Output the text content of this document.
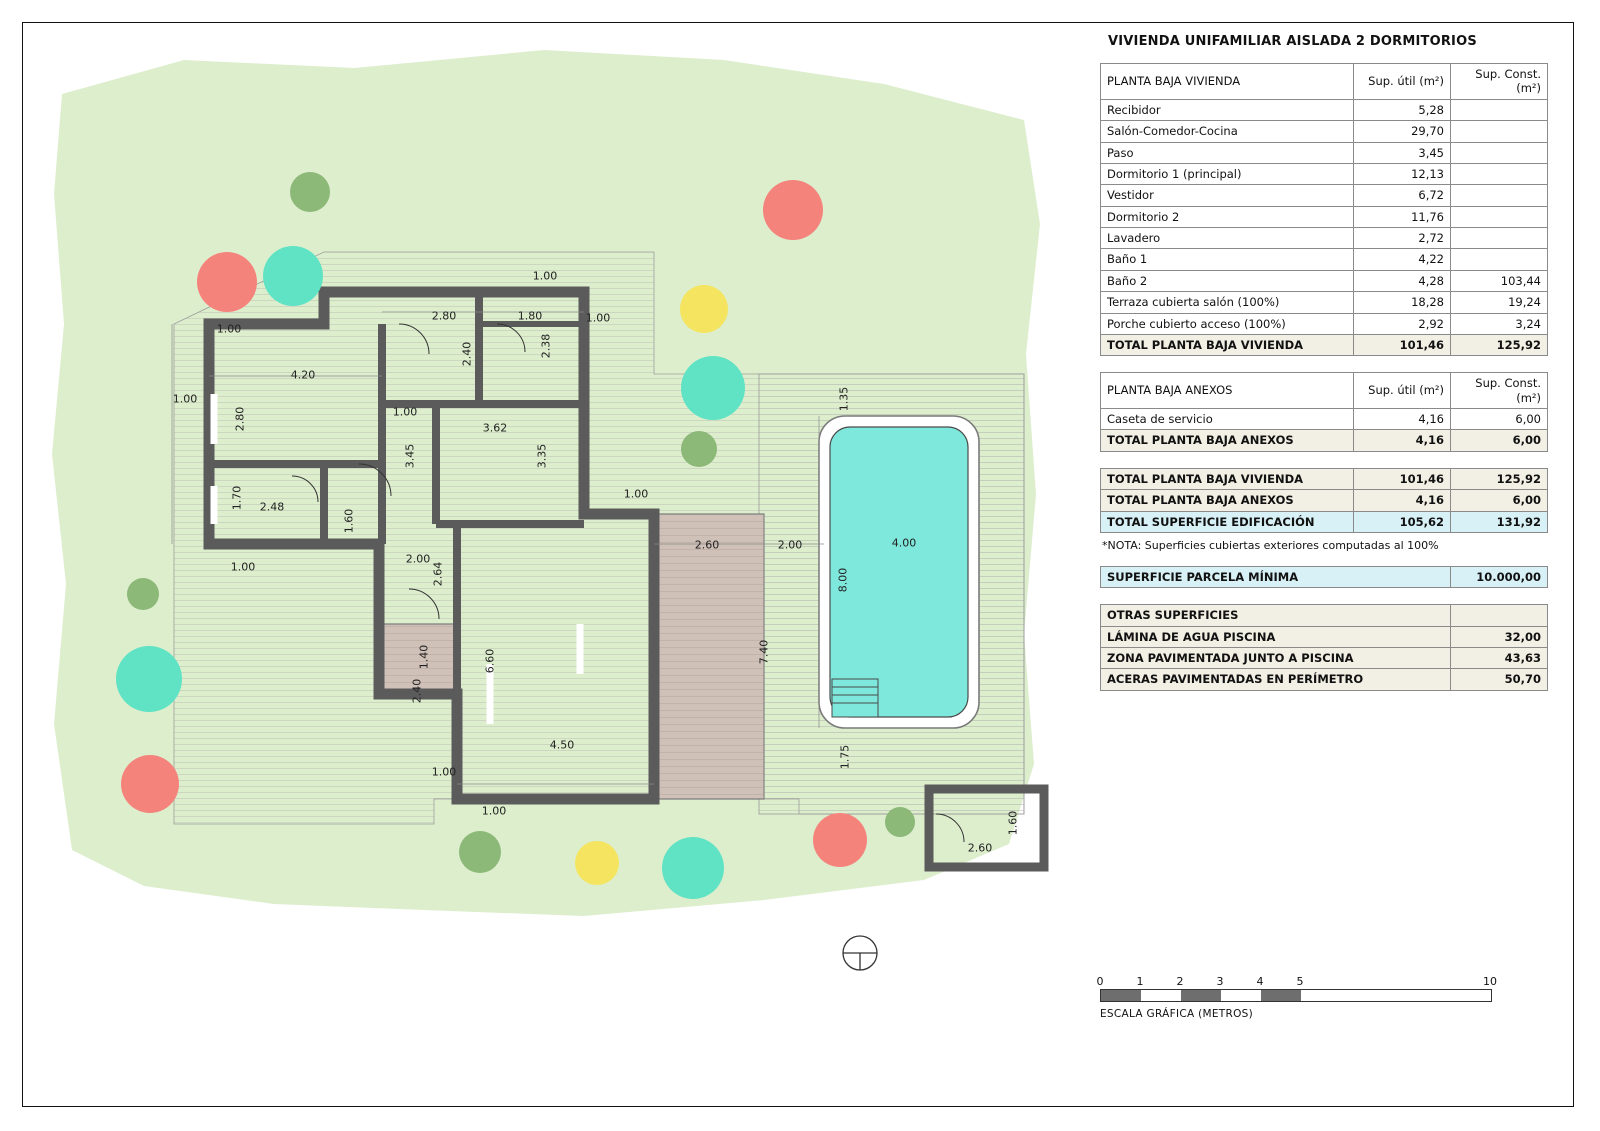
2.80	1.80	1.00
1.00
1.00
4.20
1.00
2.40	2.38
2.80	1.00
3.62
1.35
3.45	3.35
1.70 2.48
1.60
1.00
2.00
2.60	2.00	4.00
8.00
1.00	2.64
6.60
1.40	7.40
2.40
4.50
1.00
1.75
1.00	1.60
2.60
VIVIENDA UNIFAMILIAR AISLADA 2 DORMITORIOS
PLANTA BAJA VIVIENDA	Sup. útil (m²)	Sup. Const. (m²)
Recibidor	5,28	
Salón-Comedor-Cocina	29,70	
Paso	3,45	
Dormitorio 1 (principal)	12,13	
Vestidor	6,72	
Dormitorio 2	11,76	
Lavadero	2,72	
Baño 1	4,22	
Baño 2	4,28	103,44
Terraza cubierta salón (100%)	18,28	19,24
Porche cubierto acceso (100%)	2,92	3,24
TOTAL PLANTA BAJA VIVIENDA	101,46	125,92
PLANTA BAJA ANEXOS	Sup. útil (m²)	Sup. Const. (m²)
Caseta de servicio	4,16	6,00
TOTAL PLANTA BAJA ANEXOS	4,16	6,00
TOTAL PLANTA BAJA VIVIENDA	101,46	125,92
TOTAL PLANTA BAJA ANEXOS	4,16	6,00
TOTAL SUPERFICIE EDIFICACIÓN	105,62	131,92
*NOTA: Superficies cubiertas exteriores computadas al 100%
SUPERFICIE PARCELA MÍNIMA	10.000,00
OTRAS SUPERFICIES	
LÁMINA DE AGUA PISCINA	32,00
ZONA PAVIMENTADA JUNTO A PISCINA	43,63
ACERAS PAVIMENTADAS EN PERÍMETRO	50,70
0	1	2	3	4	5	10
ESCALA GRÁFICA (METROS)
